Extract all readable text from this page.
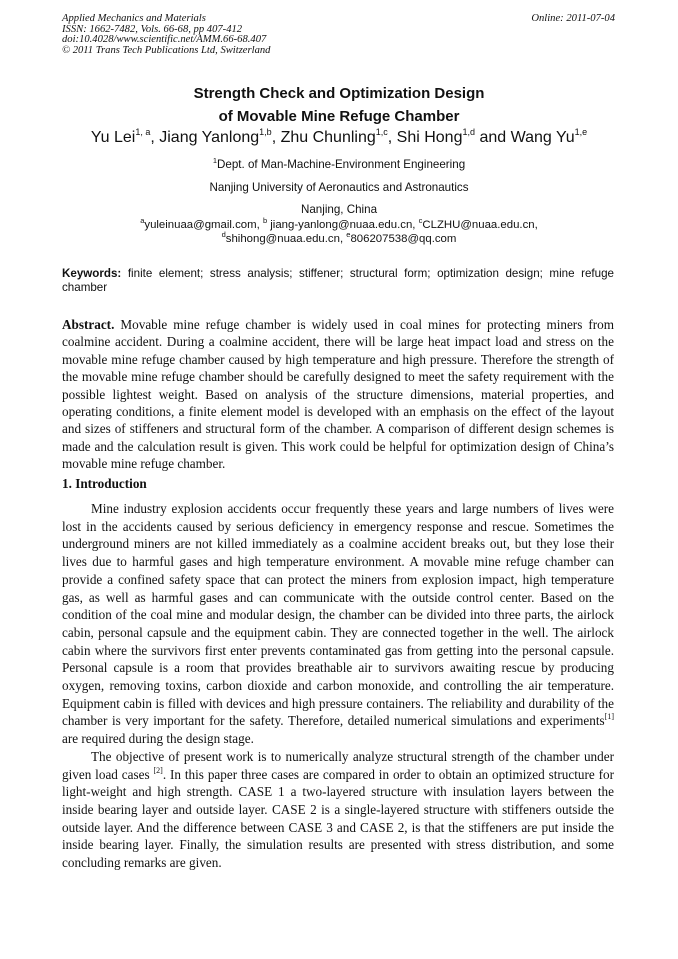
Applied Mechanics and Materials
ISSN: 1662-7482, Vols. 66-68, pp 407-412
doi:10.4028/www.scientific.net/AMM.66-68.407
© 2011 Trans Tech Publications Ltd, Switzerland
Online: 2011-07-04
Strength Check and Optimization Design
of Movable Mine Refuge Chamber
Yu Lei$^{1, a}$, Jiang Yanlong$^{1,b}$, Zhu Chunling$^{1,c}$, Shi Hong$^{1,d}$ and Wang Yu$^{1,e}$
$^1$Dept. of Man-Machine-Environment Engineering
Nanjing University of Aeronautics and Astronautics
Nanjing, China
$^a$yuleinuaa@gmail.com, $^b$ jiang-yanlong@nuaa.edu.cn, $^c$CLZHU@nuaa.edu.cn,
$^d$shihong@nuaa.edu.cn, $^e$806207538@qq.com
Keywords: finite element; stress analysis; stiffener; structural form; optimization design; mine refuge chamber
Abstract. Movable mine refuge chamber is widely used in coal mines for protecting miners from coalmine accident. During a coalmine accident, there will be large heat impact load and stress on the movable mine refuge chamber caused by high temperature and high pressure. Therefore the strength of the movable mine refuge chamber should be carefully designed to meet the safety requirement with the possible lightest weight. Based on analysis of the structure dimensions, material properties, and operating conditions, a finite element model is developed with an emphasis on the effect of the layout and sizes of stiffeners and structural form of the chamber. A comparison of different design schemes is made and the calculation result is given. This work could be helpful for optimization design of China’s movable mine refuge chamber.
1. Introduction

Mine industry explosion accidents occur frequently these years and large numbers of lives were lost in the accidents caused by serious deficiency in emergency response and rescue. Sometimes the underground miners are not killed immediately as a coalmine accident breaks out, but they lose their lives due to harmful gases and high temperature environment. A movable mine refuge chamber can provide a confined safety space that can protect the miners from explosion impact, high temperature gas, as well as harmful gases and can communicate with the outside control center. Based on the condition of the coal mine and modular design, the chamber can be divided into three parts, the airlock cabin, personal capsule and the equipment cabin. They are connected together in the well. The airlock cabin where the survivors first enter prevents contaminated gas from getting into the personal capsule. Personal capsule is a room that provides breathable air to survivors awaiting rescue by producing oxygen, removing toxins, carbon dioxide and carbon monoxide, and controlling the air temperature. Equipment cabin is filled with devices and high pressure containers. The reliability and durability of the chamber is very important for the safety. Therefore, detailed numerical simulations and experiments[1] are required during the design stage.

The objective of present work is to numerically analyze structural strength of the chamber under given load cases [2]. In this paper three cases are compared in order to obtain an optimized structure for light-weight and high strength. CASE 1 a two-layered structure with insulation layers between the inside bearing layer and outside layer. CASE 2 is a single-layered structure with stiffeners outside the outside layer. And the difference between CASE 3 and CASE 2, is that the stiffeners are put inside the inside bearing layer. Finally, the simulation results are presented with stress distribution, and some concluding remarks are given.
